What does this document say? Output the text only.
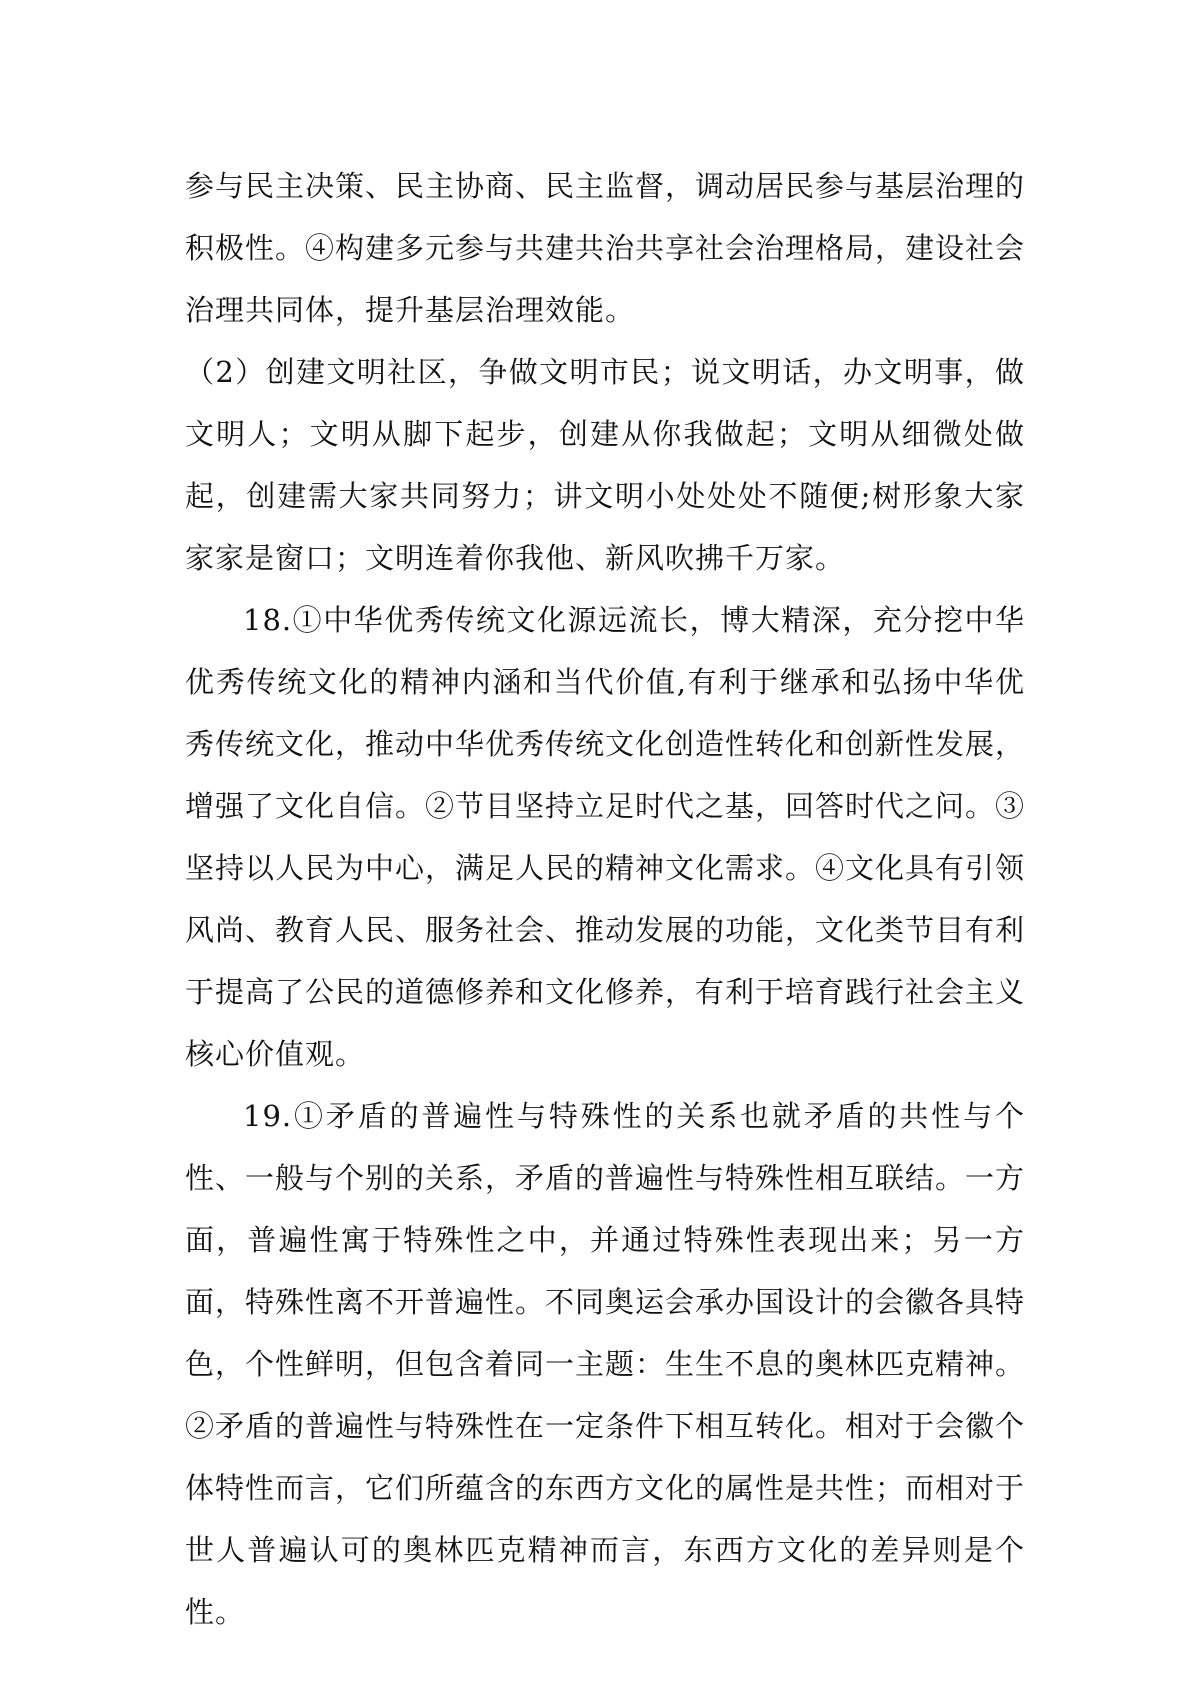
参与民主决策、民主协商、民主监督，调动居民参与基层治理的积极性。④构建多元参与共建共治共享社会治理格局，建设社会治理共同体，提升基层治理效能。

（2）创建文明社区，争做文明市民；说文明话，办文明事，做文明人；文明从脚下起步，创建从你我做起；文明从细微处做起，创建需大家共同努力；讲文明小处处处不随便;树形象大家家家是窗口；文明连着你我他、新风吹拂千万家。

18.①中华优秀传统文化源远流长，博大精深，充分挖中华优秀传统文化的精神内涵和当代价值,有利于继承和弘扬中华优秀传统文化，推动中华优秀传统文化创造性转化和创新性发展，增强了文化自信。②节目坚持立足时代之基，回答时代之问。③坚持以人民为中心，满足人民的精神文化需求。④文化具有引领风尚、教育人民、服务社会、推动发展的功能，文化类节目有利于提高了公民的道德修养和文化修养，有利于培育践行社会主义核心价值观。

19.①矛盾的普遍性与特殊性的关系也就矛盾的共性与个性、一般与个别的关系，矛盾的普遍性与特殊性相互联结。一方面，普遍性寓于特殊性之中，并通过特殊性表现出来；另一方面，特殊性离不开普遍性。不同奥运会承办国设计的会徽各具特色，个性鲜明，但包含着同一主题：生生不息的奥林匹克精神。②矛盾的普遍性与特殊性在一定条件下相互转化。相对于会徽个体特性而言，它们所蕴含的东西方文化的属性是共性；而相对于世人普遍认可的奥林匹克精神而言，东西方文化的差异则是个性。
